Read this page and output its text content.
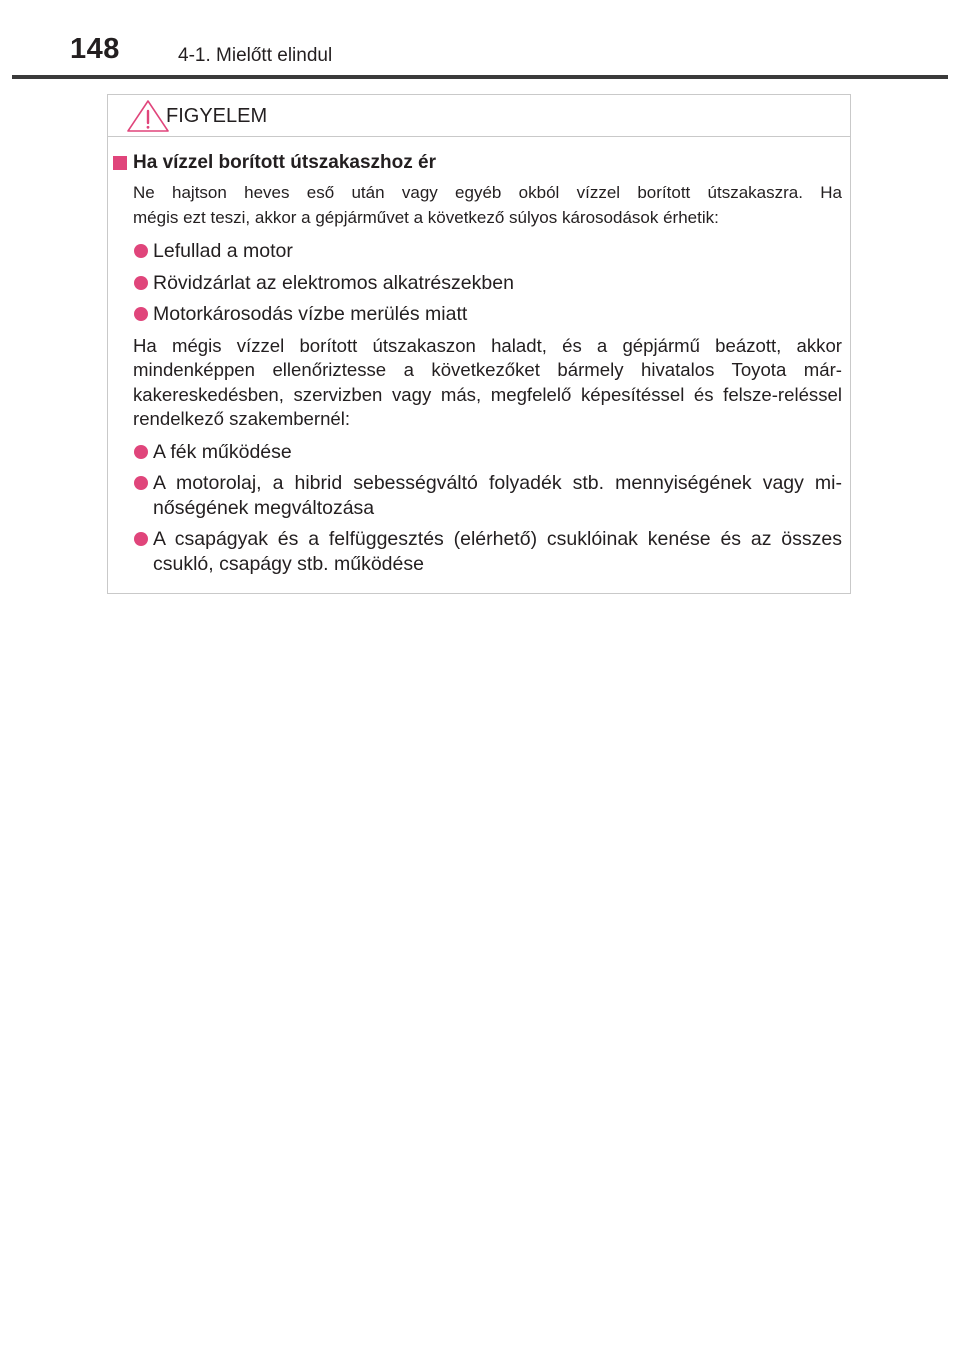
148	4-1. Mielőtt elindul
FIGYELEM
Ha vízzel borított útszakaszhoz ér
Ne hajtson heves eső után vagy egyéb okból vízzel borított útszakaszra. Ha
mégis ezt teszi, akkor a gépjárművet a következő súlyos károsodások érhetik:
Lefullad a motor
Rövidzárlat az elektromos alkatrészekben
Motorkárosodás vízbe merülés miatt
Ha mégis vízzel borított útszakaszon haladt, és a gépjármű beázott, akkor mindenképpen ellenőriztesse a következőket bármely hivatalos Toyota már-kakereskedésben, szervizben vagy más, megfelelő képesítéssel és felsze-reléssel rendelkező szakembernél:
A fék működése
A motorolaj, a hibrid sebességváltó folyadék stb. mennyiségének vagy mi-nőségének megváltozása
A csapágyak és a felfüggesztés (elérhető) csuklóinak kenése és az összes csukló, csapágy stb. működése
